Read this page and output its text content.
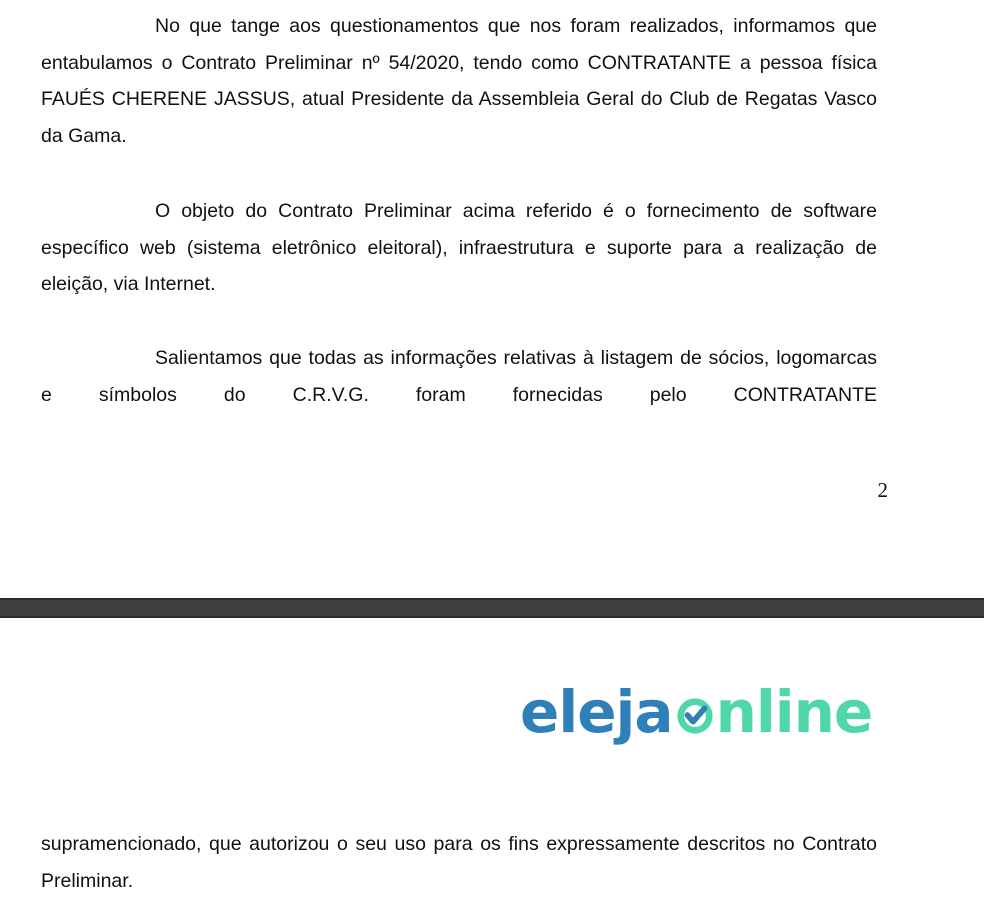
No que tange aos questionamentos que nos foram realizados, informamos que entabulamos o Contrato Preliminar nº 54/2020, tendo como CONTRATANTE a pessoa física FAUÉS CHERENE JASSUS, atual Presidente da Assembleia Geral do Club de Regatas Vasco da Gama.

O objeto do Contrato Preliminar acima referido é o fornecimento de software específico web (sistema eletrônico eleitoral), infraestrutura e suporte para a realização de eleição, via Internet.

Salientamos que todas as informações relativas à listagem de sócios, logomarcas e símbolos do C.R.V.G. foram fornecidas pelo CONTRATANTE

2
eleja nline

supramencionado, que autorizou o seu uso para os fins expressamente descritos no Contrato Preliminar.
